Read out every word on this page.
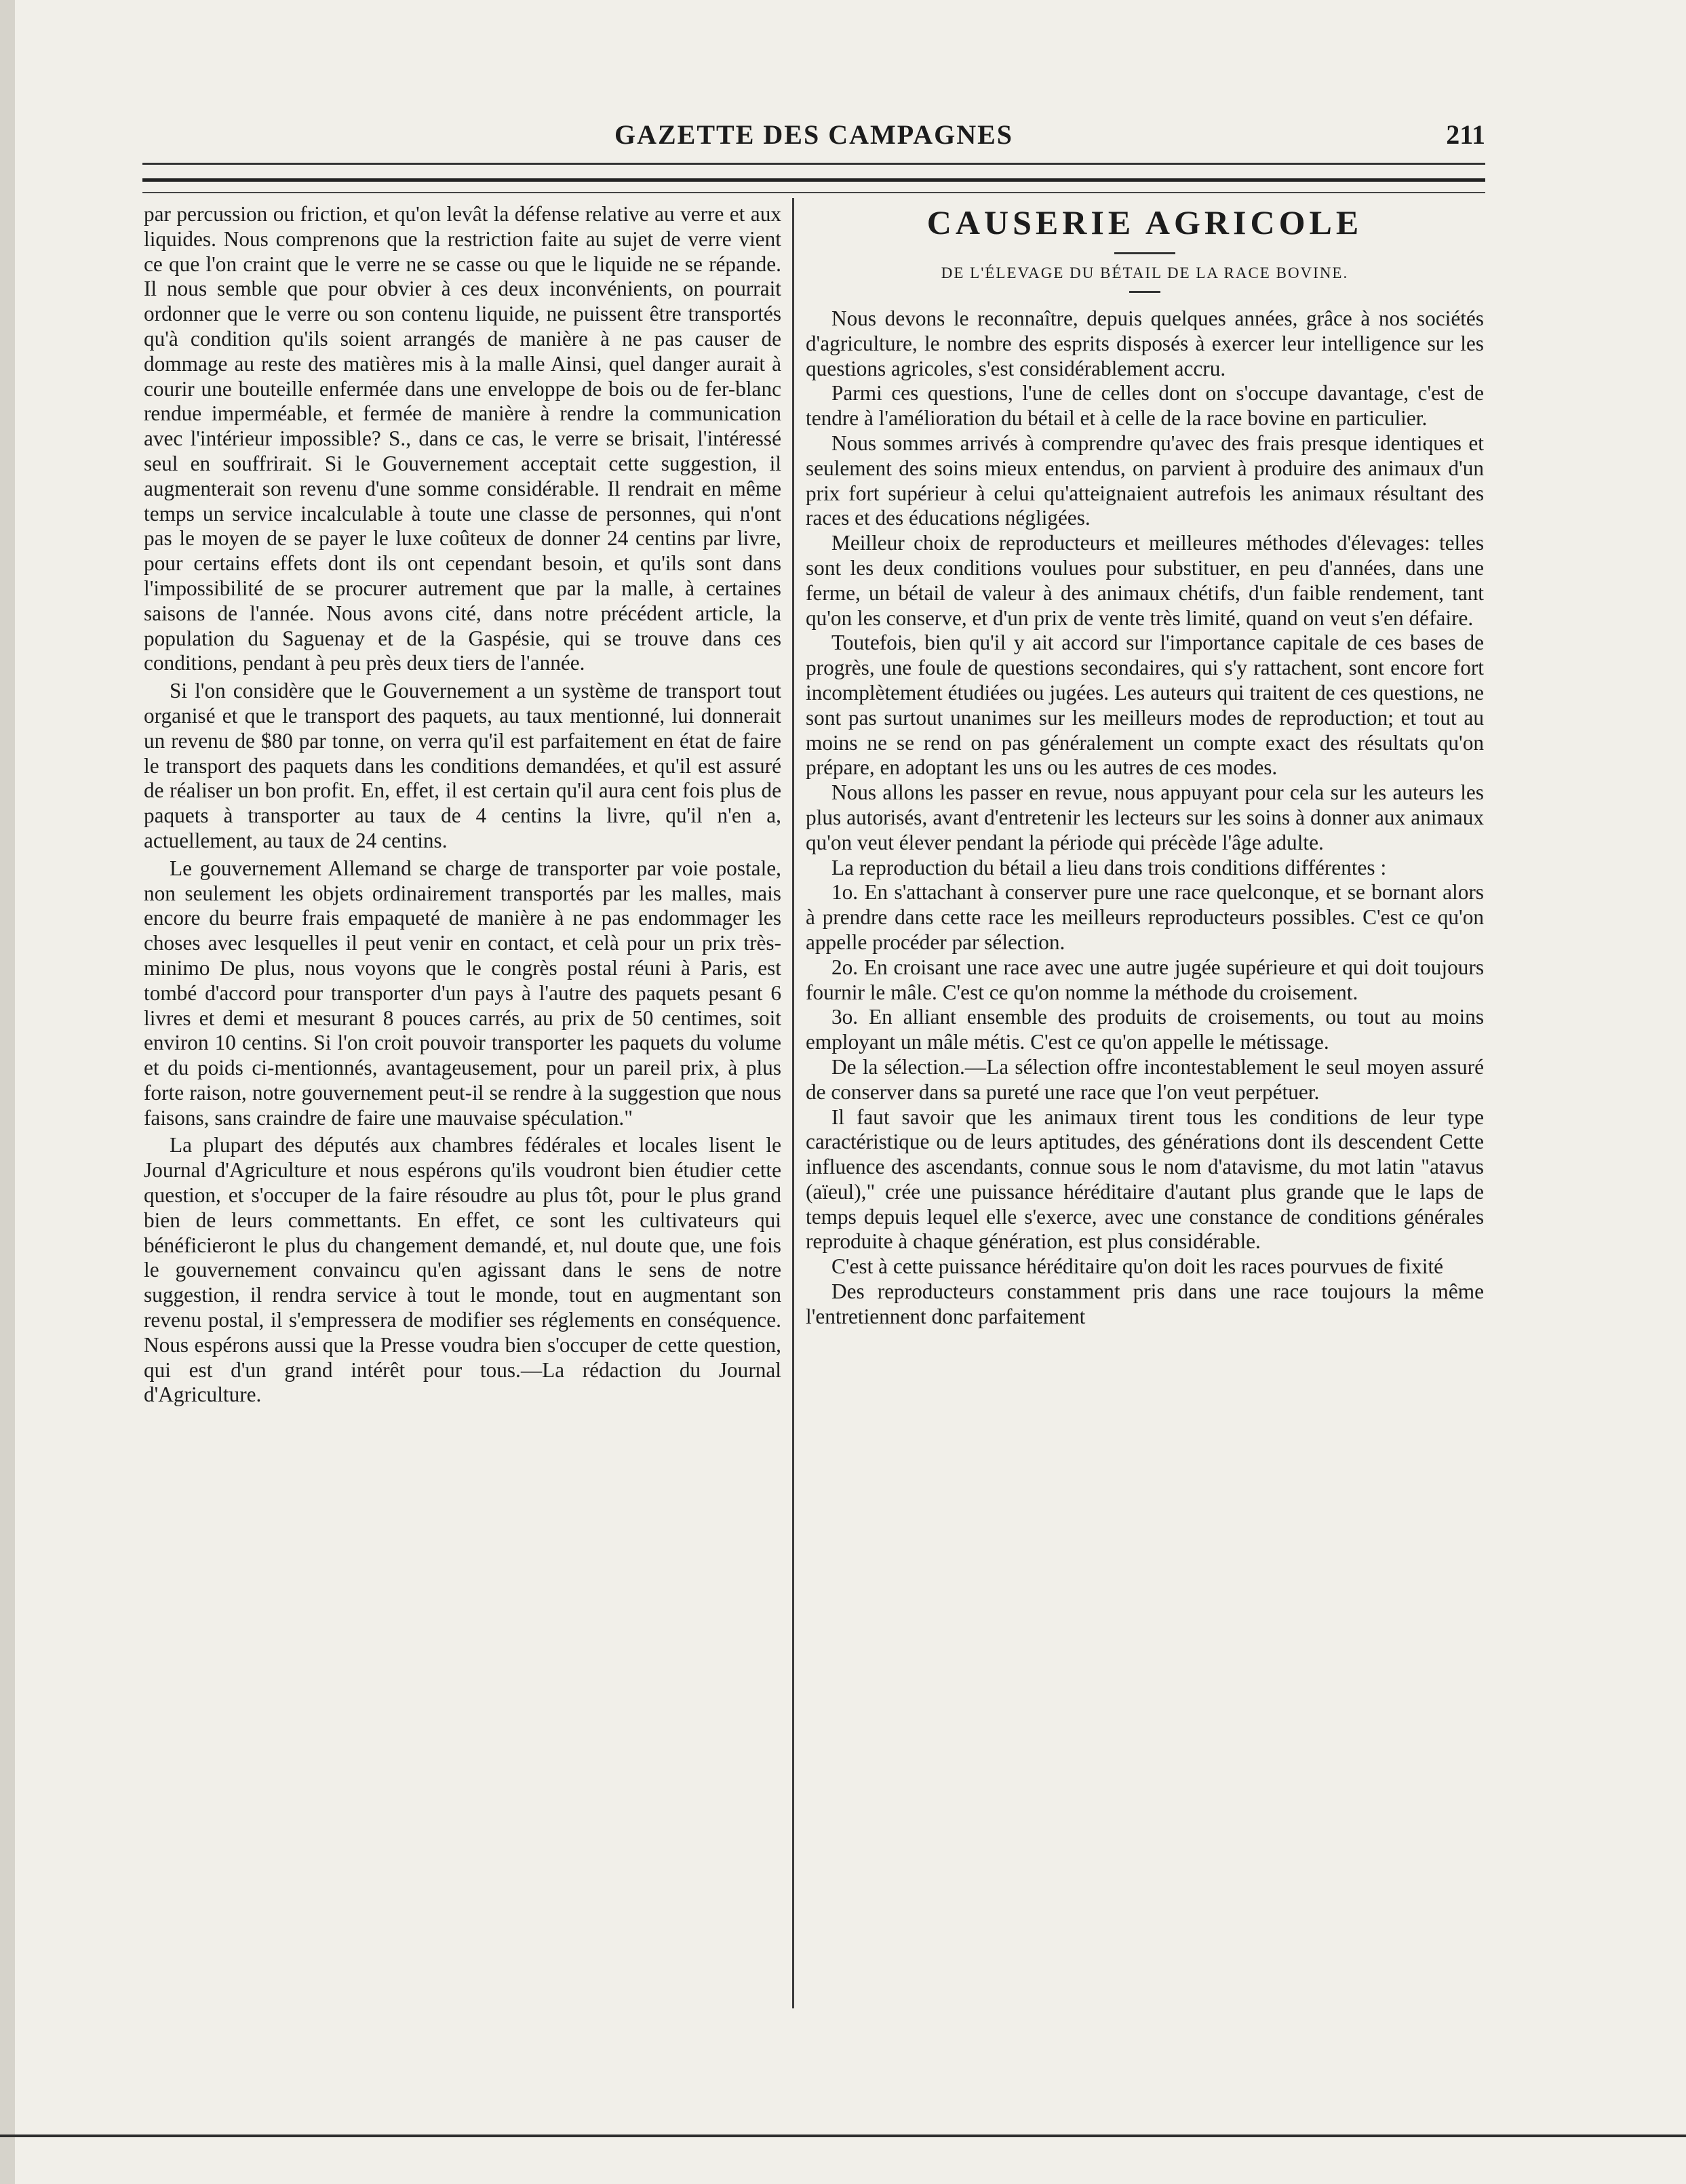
GAZETTE DES CAMPAGNES	211

par percussion ou friction, et qu'on levât la défense relative au verre et aux liquides. Nous comprenons que la restriction faite au sujet de verre vient ce que l'on craint que le verre ne se casse ou que le liquide ne se répande. Il nous semble que pour obvier à ces deux inconvénients, on pourrait ordonner que le verre ou son contenu liquide, ne puissent être transportés qu'à condition qu'ils soient arrangés de manière à ne pas causer de dommage au reste des matières mis à la malle Ainsi, quel danger aurait à courir une bouteille enfermée dans une enveloppe de bois ou de fer-blanc rendue imperméable, et fermée de manière à rendre la communication avec l'intérieur impossible? S., dans ce cas, le verre se brisait, l'intéressé seul en souffrirait. Si le Gouvernement acceptait cette suggestion, il augmenterait son revenu d'une somme considérable. Il rendrait en même temps un service incalculable à toute une classe de personnes, qui n'ont pas le moyen de se payer le luxe coûteux de donner 24 centins par livre, pour certains effets dont ils ont cependant besoin, et qu'ils sont dans l'impossibilité de se procurer autrement que par la malle, à certaines saisons de l'année. Nous avons cité, dans notre précédent article, la population du Saguenay et de la Gaspésie, qui se trouve dans ces conditions, pendant à peu près deux tiers de l'année.

Si l'on considère que le Gouvernement a un système de transport tout organisé et que le transport des paquets, au taux mentionné, lui donnerait un revenu de $80 par tonne, on verra qu'il est parfaitement en état de faire le transport des paquets dans les conditions demandées, et qu'il est assuré de réaliser un bon profit. En, effet, il est certain qu'il aura cent fois plus de paquets à transporter au taux de 4 centins la livre, qu'il n'en a, actuellement, au taux de 24 centins.

Le gouvernement Allemand se charge de transporter par voie postale, non seulement les objets ordinairement transportés par les malles, mais encore du beurre frais empaqueté de manière à ne pas endommager les choses avec lesquelles il peut venir en contact, et celà pour un prix très-minimo De plus, nous voyons que le congrès postal réuni à Paris, est tombé d'accord pour transporter d'un pays à l'autre des paquets pesant 6 livres et demi et mesurant 8 pouces carrés, au prix de 50 centimes, soit environ 10 centins. Si l'on croit pouvoir transporter les paquets du volume et du poids ci-mentionnés, avantageusement, pour un pareil prix, à plus forte raison, notre gouvernement peut-il se rendre à la suggestion que nous faisons, sans craindre de faire une mauvaise spéculation."

La plupart des députés aux chambres fédérales et locales lisent le Journal d'Agriculture et nous espérons qu'ils voudront bien étudier cette question, et s'occuper de la faire résoudre au plus tôt, pour le plus grand bien de leurs commettants. En effet, ce sont les cultivateurs qui bénéficieront le plus du changement demandé, et, nul doute que, une fois le gouvernement convaincu qu'en agissant dans le sens de notre suggestion, il rendra service à tout le monde, tout en augmentant son revenu postal, il s'empressera de modifier ses réglements en conséquence. Nous espérons aussi que la Presse voudra bien s'occuper de cette question, qui est d'un grand intérêt pour tous.—La rédaction du Journal d'Agriculture.

CAUSERIE AGRICOLE
DE L'ÉLEVAGE DU BÉTAIL DE LA RACE BOVINE.

Nous devons le reconnaître, depuis quelques années, grâce à nos sociétés d'agriculture, le nombre des esprits disposés à exercer leur intelligence sur les questions agricoles, s'est considérablement accru.

Parmi ces questions, l'une de celles dont on s'occupe davantage, c'est de tendre à l'amélioration du bétail et à celle de la race bovine en particulier.

Nous sommes arrivés à comprendre qu'avec des frais presque identiques et seulement des soins mieux entendus, on parvient à produire des animaux d'un prix fort supérieur à celui qu'atteignaient autrefois les animaux résultant des races et des éducations négligées.

Meilleur choix de reproducteurs et meilleures méthodes d'élevages: telles sont les deux conditions voulues pour substituer, en peu d'années, dans une ferme, un bétail de valeur à des animaux chétifs, d'un faible rendement, tant qu'on les conserve, et d'un prix de vente très limité, quand on veut s'en défaire.

Toutefois, bien qu'il y ait accord sur l'importance capitale de ces bases de progrès, une foule de questions secondaires, qui s'y rattachent, sont encore fort incomplètement étudiées ou jugées. Les auteurs qui traitent de ces questions, ne sont pas surtout unanimes sur les meilleurs modes de reproduction; et tout au moins ne se rend on pas généralement un compte exact des résultats qu'on prépare, en adoptant les uns ou les autres de ces modes.

Nous allons les passer en revue, nous appuyant pour cela sur les auteurs les plus autorisés, avant d'entretenir les lecteurs sur les soins à donner aux animaux qu'on veut élever pendant la période qui précède l'âge adulte.

La reproduction du bétail a lieu dans trois conditions différentes :

1o. En s'attachant à conserver pure une race quelconque, et se bornant alors à prendre dans cette race les meilleurs reproducteurs possibles. C'est ce qu'on appelle procéder par sélection.

2o. En croisant une race avec une autre jugée supérieure et qui doit toujours fournir le mâle. C'est ce qu'on nomme la méthode du croisement.

3o. En alliant ensemble des produits de croisements, ou tout au moins employant un mâle métis. C'est ce qu'on appelle le métissage.

De la sélection.—La sélection offre incontestablement le seul moyen assuré de conserver dans sa pureté une race que l'on veut perpétuer.

Il faut savoir que les animaux tirent tous les conditions de leur type caractéristique ou de leurs aptitudes, des générations dont ils descendent Cette influence des ascendants, connue sous le nom d'atavisme, du mot latin "atavus (aïeul)," crée une puissance héréditaire d'autant plus grande que le laps de temps depuis lequel elle s'exerce, avec une constance de conditions générales reproduite à chaque génération, est plus considérable.

C'est à cette puissance héréditaire qu'on doit les races pourvues de fixité

Des reproducteurs constamment pris dans une race toujours la même l'entretiennent donc parfaitement
